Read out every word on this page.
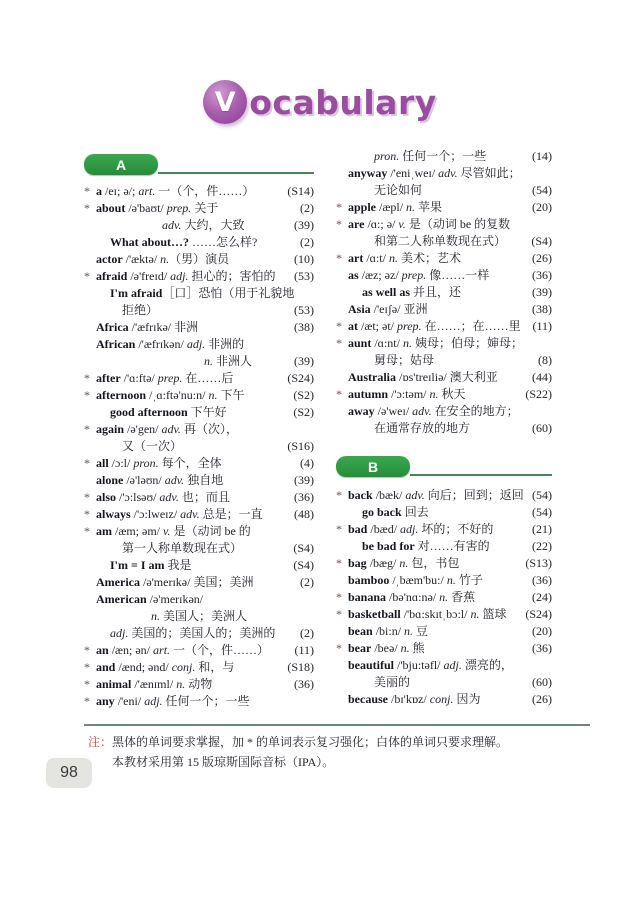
V ocabulary
A
* a /eɪ; ə/; art. 一（个，件……）	(S14)
* about /ə'baʊt/ prep. 关于	(2)
adv. 大约，大致	(39)
What about…? ……怎么样?	(2)
actor /'æktə/ n.（男）演员	(10)
* afraid /ə'freɪd/ adj. 担心的；害怕的	(53)
I'm afraid［口］恐怕（用于礼貌地
拒绝）	(53)
Africa /'æfrɪkə/ 非洲	(38)
African /'æfrɪkən/ adj. 非洲的
n. 非洲人	(39)
* after /'ɑ:ftə/ prep. 在……后	(S24)
* afternoon /ˌɑ:ftə'nu:n/ n. 下午	(S2)
good afternoon 下午好	(S2)
* again /ə'gen/ adv. 再（次），
又（一次）	(S16)
* all /ɔ:l/ pron. 每个，全体	(4)
alone /ə'ləʊn/ adv. 独自地	(39)
* also /'ɔ:lsəʊ/ adv. 也；而且	(36)
* always /'ɔ:lweɪz/ adv. 总是；一直	(48)
* am /æm; əm/ v. 是（动词 be 的
第一人称单数现在式）	(S4)
I'm = I am 我是	(S4)
America /ə'merɪkə/ 美国；美洲	(2)
American /ə'merɪkən/
n. 美国人；美洲人
adj. 美国的；美国人的；美洲的	(2)
* an /æn; ən/ art. 一（个，件……）	(11)
* and /ænd; ənd/ conj. 和，与	(S18)
* animal /'ænɪml/ n. 动物	(36)
* any /'eni/ adj. 任何一个；一些
pron. 任何一个；一些	(14)
anyway /'eniˌweɪ/ adv. 尽管如此；
无论如何	(54)
* apple /æpl/ n. 苹果	(20)
* are /ɑ:; ə/ v. 是（动词 be 的复数
和第二人称单数现在式）	(S4)
* art /ɑ:t/ n. 美术；艺术	(26)
as /æz; əz/ prep. 像……一样	(36)
as well as 并且，还	(39)
Asia /'eɪʃə/ 亚洲	(38)
* at /æt; ət/ prep. 在……；在……里 (11)
* aunt /ɑ:nt/ n. 姨母；伯母；婶母；
舅母；姑母	(8)
Australia /ɒs'treɪliə/ 澳大利亚	(44)
* autumn /'ɔ:təm/ n. 秋天	(S22)
away /ə'weɪ/ adv. 在安全的地方；
在通常存放的地方	(60)
B
* back /bæk/ adv. 向后；回到；返回 (54)
go back 回去	(54)
* bad /bæd/ adj. 坏的；不好的	(21)
be bad for 对……有害的	(22)
* bag /bæg/ n. 包，书包	(S13)
bamboo /ˌbæm'bu:/ n. 竹子	(36)
* banana /bə'nɑ:nə/ n. 香蕉	(24)
* basketball /'bɑ:skɪtˌbɔ:l/ n. 篮球	(S24)
bean /bi:n/ n. 豆	(20)
* bear /beə/ n. 熊	(36)
beautiful /'bju:təfl/ adj. 漂亮的，
美丽的	(60)
because /bɪ'kɒz/ conj. 因为	(26)
注： 黑体的单词要求掌握，加 * 的单词表示复习强化；白体的单词只要求理解。
本教材采用第 15 版琼斯国际音标（IPA）。
98
